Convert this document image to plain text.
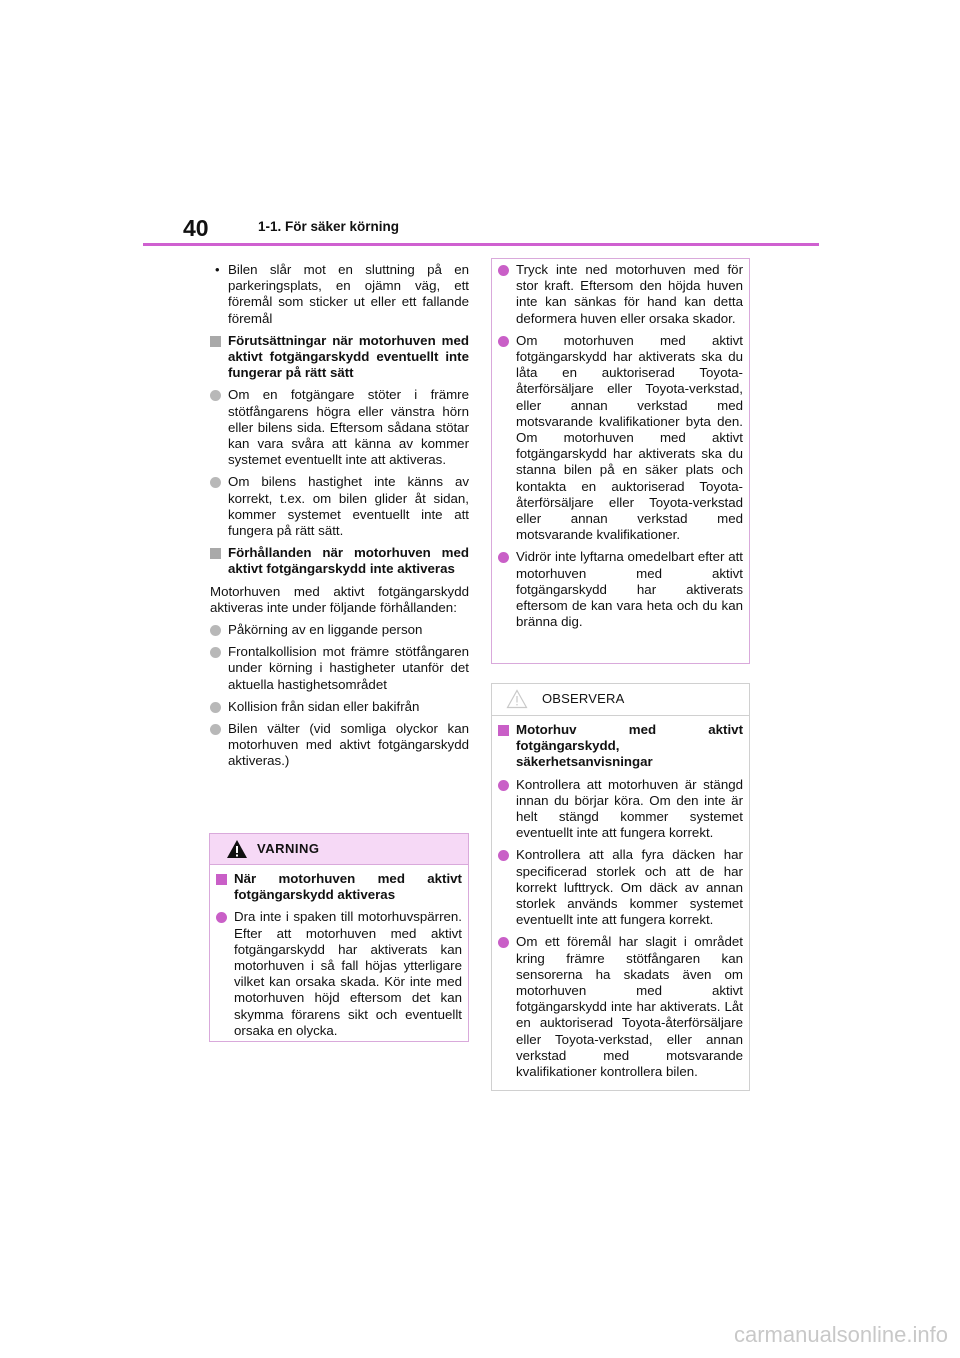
40	1-1. För säker körning
• Bilen slår mot en sluttning på en parkeringsplats, en ojämn väg, ett föremål som sticker ut eller ett fallande föremål
Förutsättningar när motorhuven med aktivt fotgängarskydd eventuellt inte fungerar på rätt sätt
Om en fotgängare stöter i främre stötfångarens högra eller vänstra hörn eller bilens sida. Eftersom sådana stötar kan vara svåra att känna av kommer systemet eventuellt inte att aktiveras.
Om bilens hastighet inte känns av korrekt, t.ex. om bilen glider åt sidan, kommer systemet eventuellt inte att fungera på rätt sätt.
Förhållanden när motorhuven med aktivt fotgängarskydd inte aktiveras
Motorhuven med aktivt fotgängarskydd aktiveras inte under följande förhållanden:
Påkörning av en liggande person
Frontalkollision mot främre stötfångaren under körning i hastigheter utanför det aktuella hastighetsområdet
Kollision från sidan eller bakifrån
Bilen välter (vid somliga olyckor kan motorhuven med aktivt fotgängarskydd aktiveras.)
VARNING
När motorhuven med aktivt fotgängarskydd aktiveras
Dra inte i spaken till motorhuvspärren. Efter att motorhuven med aktivt fotgängarskydd har aktiverats kan motorhuven i så fall höjas ytterligare vilket kan orsaka skada. Kör inte med motorhuven höjd eftersom det kan skymma förarens sikt och eventuellt orsaka en olycka.
Tryck inte ned motorhuven med för stor kraft. Eftersom den höjda huven inte kan sänkas för hand kan detta deformera huven eller orsaka skador.
Om motorhuven med aktivt fotgängarskydd har aktiverats ska du låta en auktoriserad Toyota-återförsäljare eller Toyota-verkstad, eller annan verkstad med motsvarande kvalifikationer byta den. Om motorhuven med aktivt fotgängarskydd har aktiverats ska du stanna bilen på en säker plats och kontakta en auktoriserad Toyota-återförsäljare eller Toyota-verkstad eller annan verkstad med motsvarande kvalifikationer.
Vidrör inte lyftarna omedelbart efter att motorhuven med aktivt fotgängarskydd har aktiverats eftersom de kan vara heta och du kan bränna dig.
OBSERVERA
Motorhuv med aktivt fotgängarskydd, säkerhetsanvisningar
Kontrollera att motorhuven är stängd innan du börjar köra. Om den inte är helt stängd kommer systemet eventuellt inte att fungera korrekt.
Kontrollera att alla fyra däcken har specificerad storlek och att de har korrekt lufttryck. Om däck av annan storlek används kommer systemet eventuellt inte att fungera korrekt.
Om ett föremål har slagit i området kring främre stötfångaren kan sensorerna ha skadats även om motorhuven med aktivt fotgängarskydd inte har aktiverats. Låt en auktoriserad Toyota-återförsäljare eller Toyota-verkstad, eller annan verkstad med motsvarande kvalifikationer kontrollera bilen.
carmanualsonline.info
